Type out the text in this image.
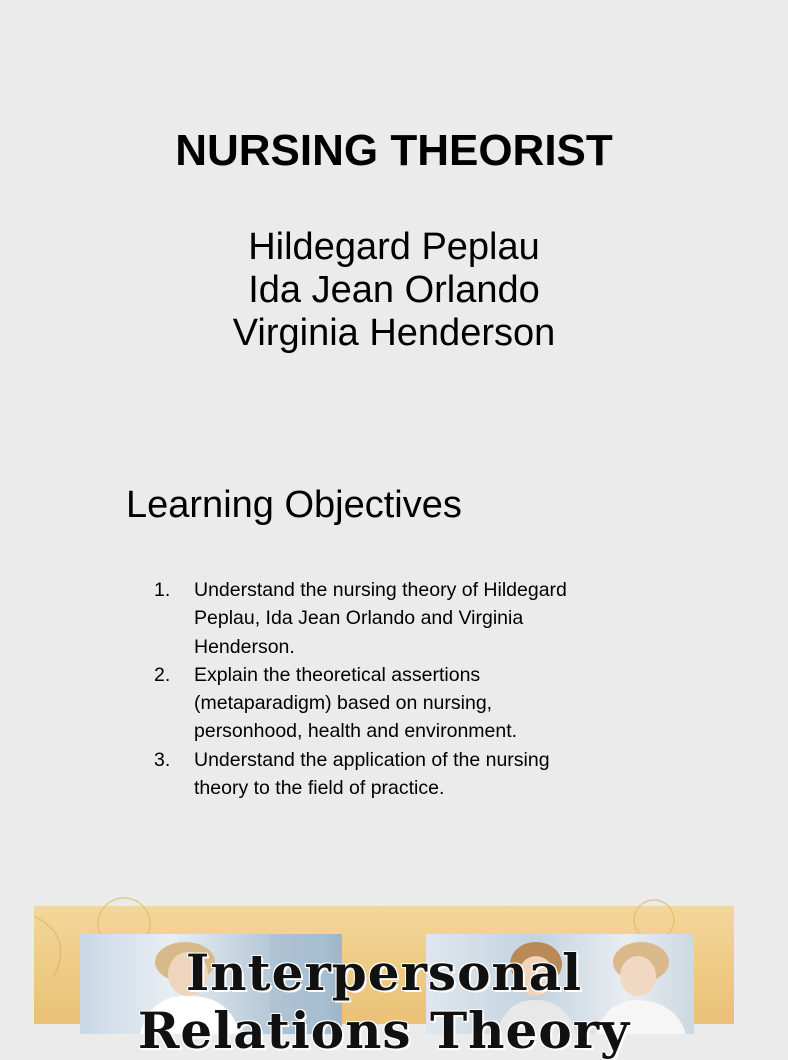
NURSING THEORIST
Hildegard Peplau
Ida Jean Orlando
Virginia Henderson
Learning Objectives
1.	Understand the nursing theory of Hildegard
Peplau, Ida Jean Orlando and Virginia
Henderson.
2.	Explain the theoretical assertions
(metaparadigm) based on nursing,
personhood, health and environment.
3.	Understand the application of the nursing
theory to the field of practice.
Interpersonal
Relations Theory
